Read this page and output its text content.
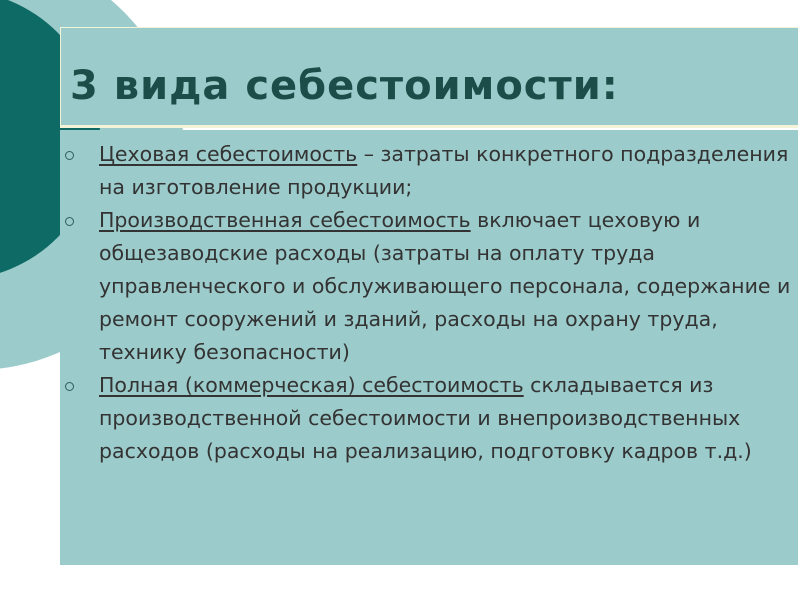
3 вида себестоимости:
Цеховая себестоимость – затраты конкретного подразделения на изготовление продукции;
Производственная себестоимость включает цеховую и общезаводские расходы (затраты на оплату труда управленческого и обслуживающего персонала, содержание и ремонт сооружений и зданий, расходы на охрану труда, технику безопасности)
Полная (коммерческая) себестоимость складывается из производственной себестоимости и внепроизводственных расходов (расходы на реализацию, подготовку кадров т.д.)
